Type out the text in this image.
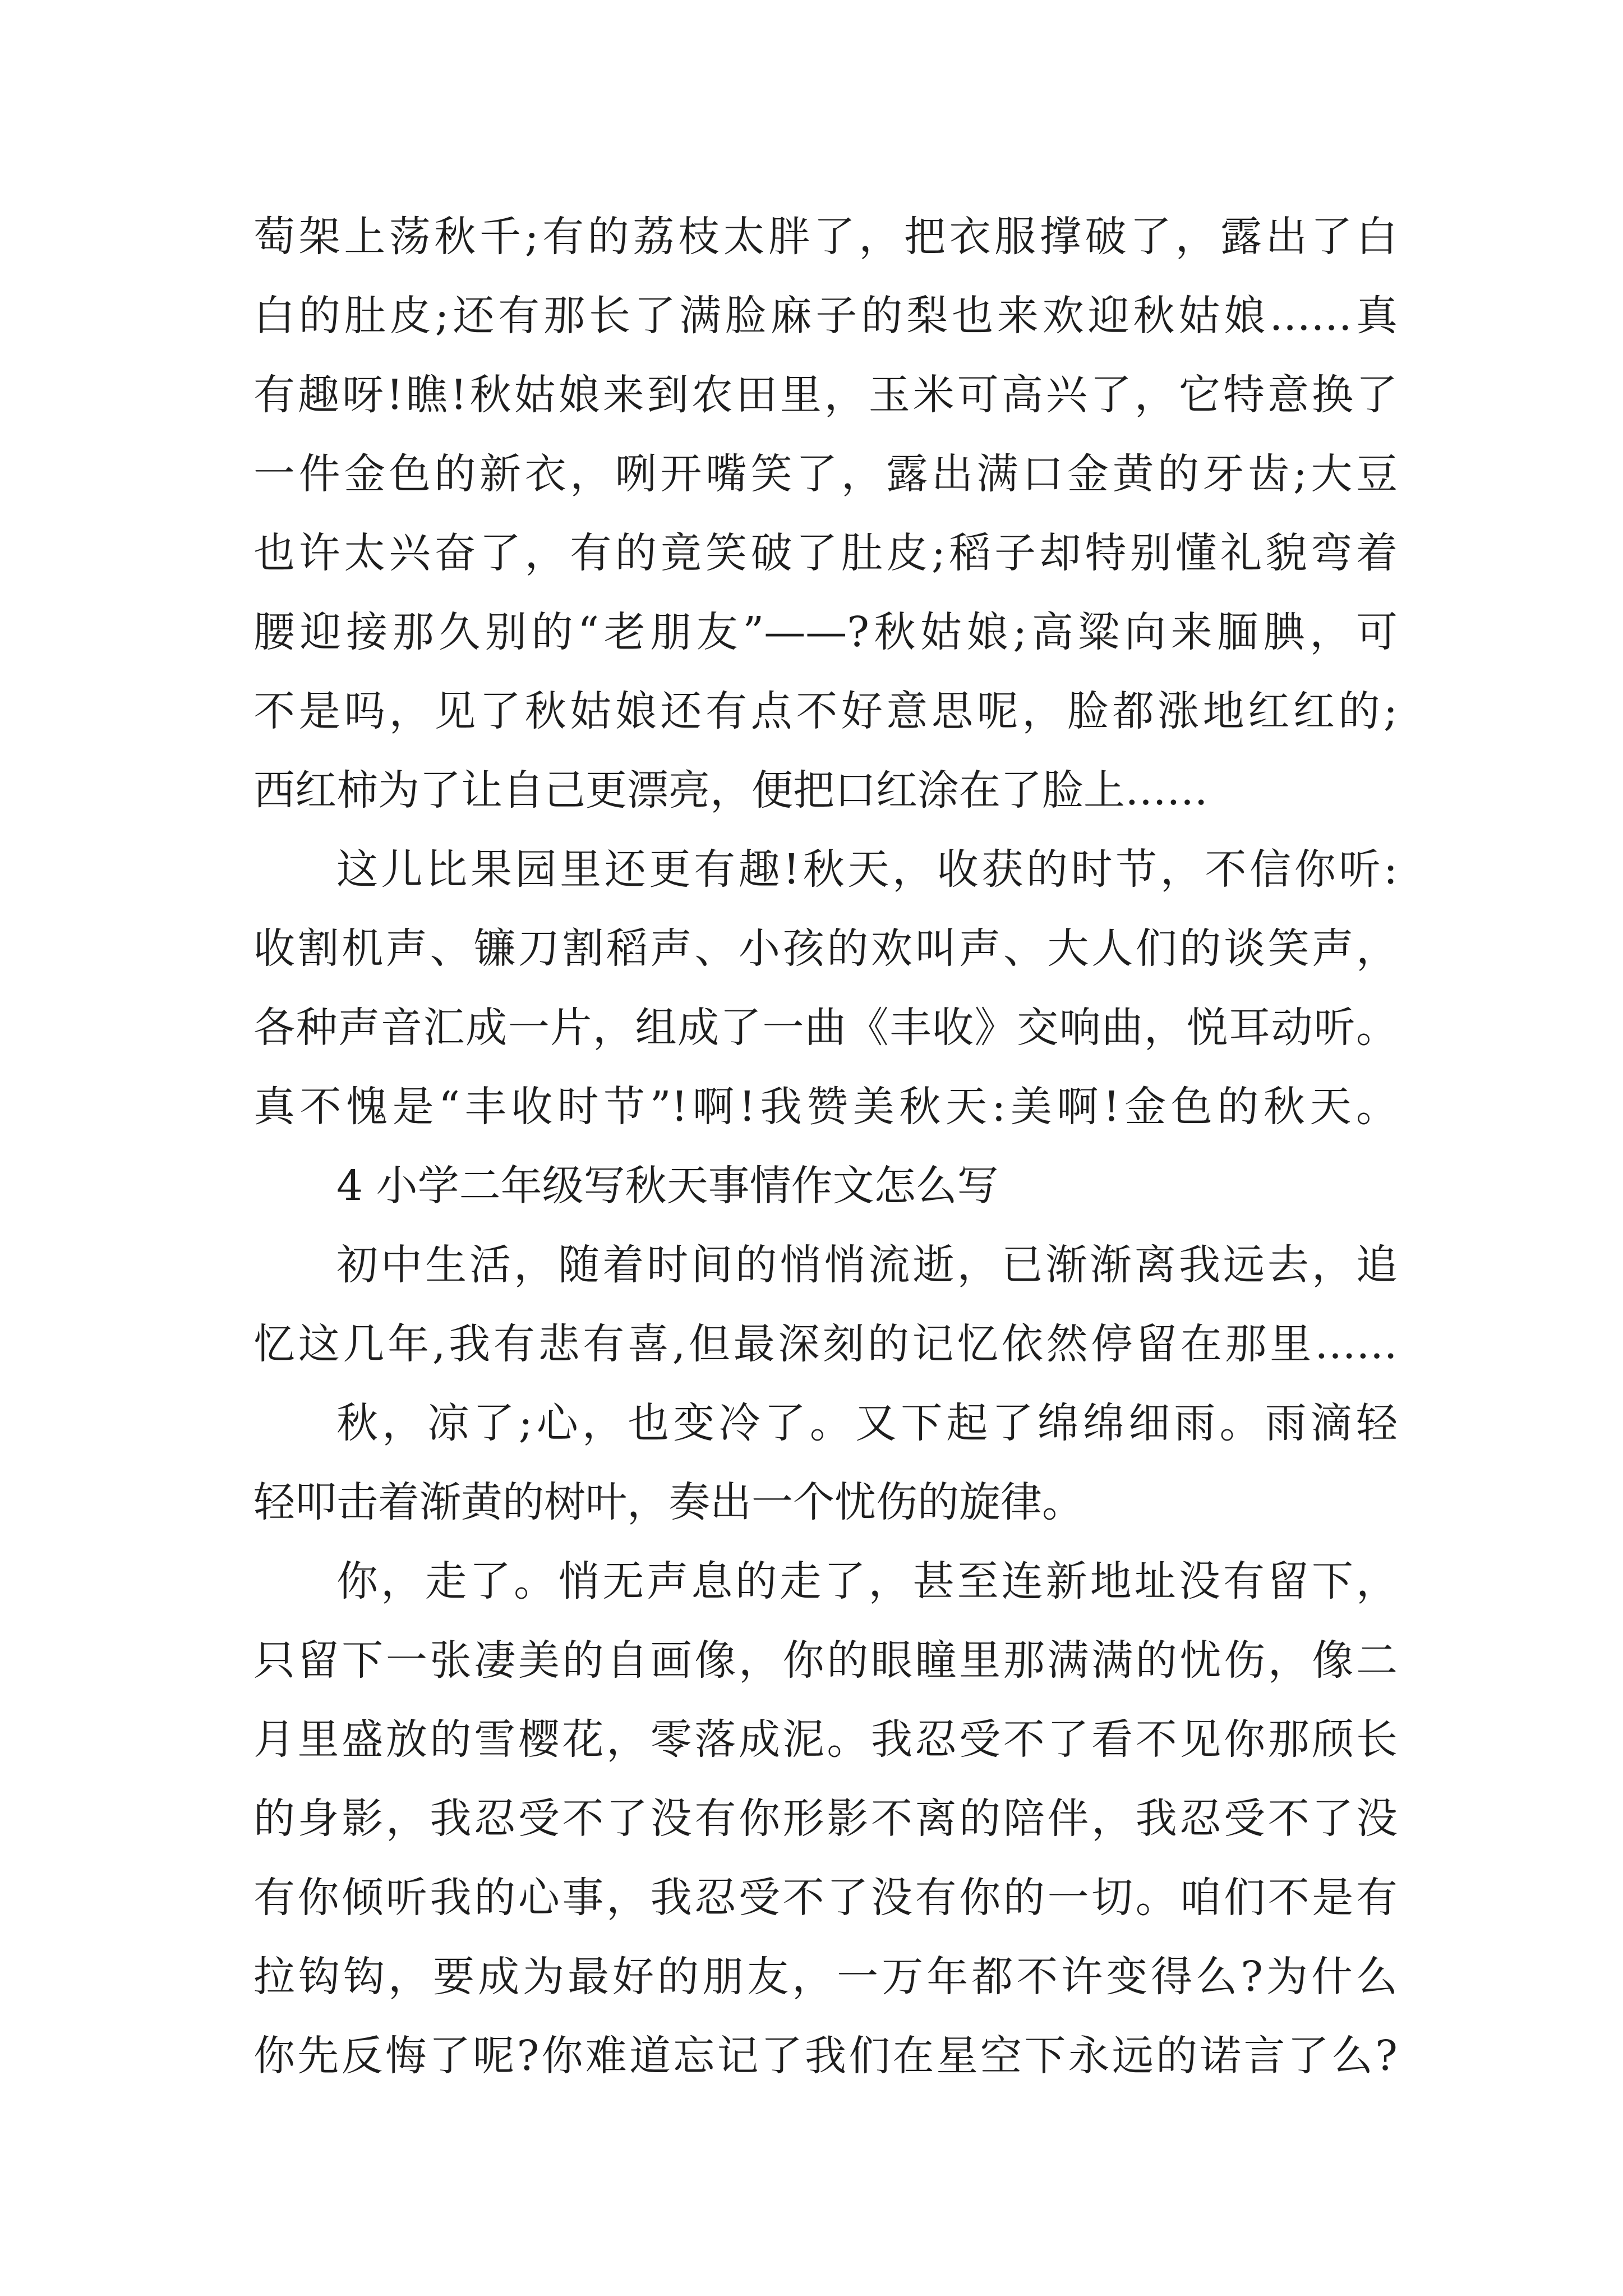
萄架上荡秋千;有的荔枝太胖了，把衣服撑破了，露出了白
白的肚皮;还有那长了满脸麻子的梨也来欢迎秋姑娘……真
有趣呀!瞧!秋姑娘来到农田里，玉米可高兴了，它特意换了
一件金色的新衣，咧开嘴笑了，露出满口金黄的牙齿;大豆
也许太兴奋了，有的竟笑破了肚皮;稻子却特别懂礼貌弯着
腰迎接那久别的“老朋友”——?秋姑娘;高粱向来腼腆，可
不是吗，见了秋姑娘还有点不好意思呢，脸都涨地红红的;
西红柿为了让自己更漂亮，便把口红涂在了脸上……
这儿比果园里还更有趣!秋天，收获的时节，不信你听:
收割机声、镰刀割稻声、小孩的欢叫声、大人们的谈笑声，
各种声音汇成一片，组成了一曲《丰收》交响曲，悦耳动听。
真不愧是“丰收时节”!啊!我赞美秋天:美啊!金色的秋天。
4 小学二年级写秋天事情作文怎么写
初中生活，随着时间的悄悄流逝，已渐渐离我远去，追
忆这几年,我有悲有喜,但最深刻的记忆依然停留在那里……
秋，凉了;心，也变冷了。又下起了绵绵细雨。雨滴轻
轻叩击着渐黄的树叶，奏出一个忧伤的旋律。
你，走了。悄无声息的走了，甚至连新地址没有留下，
只留下一张凄美的自画像，你的眼瞳里那满满的忧伤，像二
月里盛放的雪樱花，零落成泥。我忍受不了看不见你那颀长
的身影，我忍受不了没有你形影不离的陪伴，我忍受不了没
有你倾听我的心事，我忍受不了没有你的一切。咱们不是有
拉钩钩，要成为最好的朋友，一万年都不许变得么?为什么
你先反悔了呢?你难道忘记了我们在星空下永远的诺言了么?
